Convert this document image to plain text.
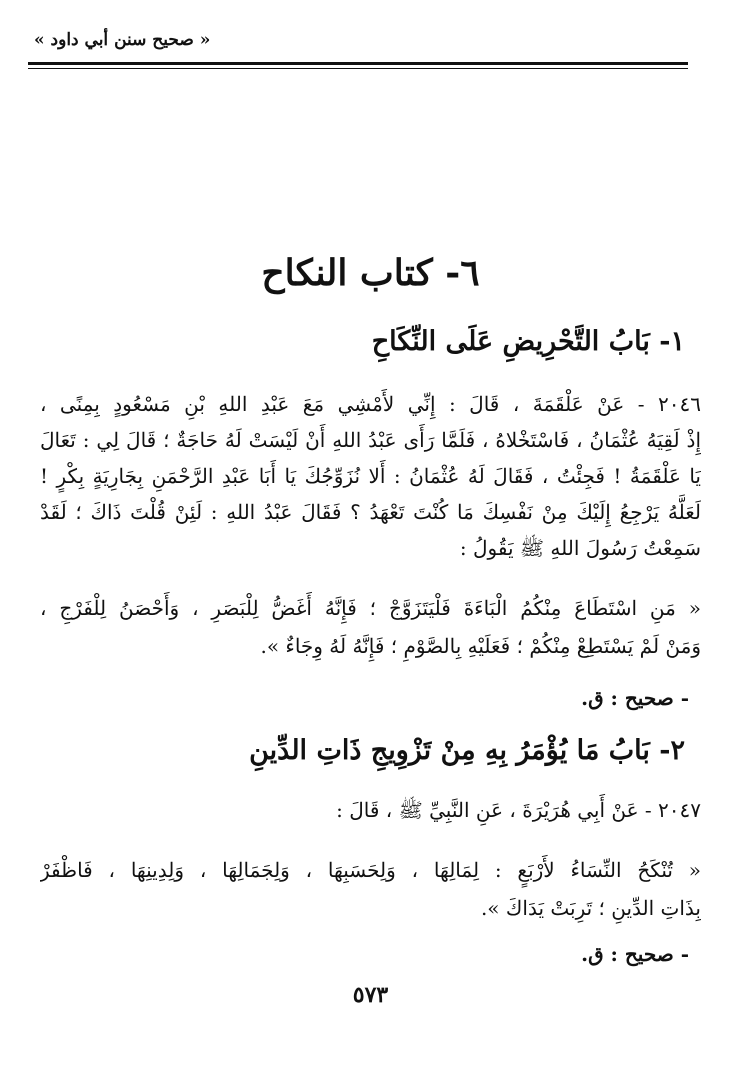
« صحيح سنن أبي داود »
٦- كتاب النكاح
١- بَابُ التَّحْرِيضِ عَلَى النِّكَاحِ
٢٠٤٦ - عَنْ عَلْقَمَةَ ، قَالَ : إِنِّي لأَمْشِي مَعَ عَبْدِ اللهِ بْنِ مَسْعُودٍ بِمِنًى ،
إِذْ لَقِيَهُ عُثْمَانُ ، فَاسْتَخْلاهُ ، فَلَمَّا رَأَى عَبْدُ اللهِ أَنْ لَيْسَتْ لَهُ حَاجَةٌ ؛ قَالَ لِي : تَعَالَ
يَا عَلْقَمَةُ ! فَجِئْتُ ، فَقَالَ لَهُ عُثْمَانُ : أَلا نُزَوِّجُكَ يَا أَبَا عَبْدِ الرَّحْمَنِ بِجَارِيَةٍ بِكْرٍ !
لَعَلَّهُ يَرْجِعُ إِلَيْكَ مِنْ نَفْسِكَ مَا كُنْتَ تَعْهَدُ ؟ فَقَالَ عَبْدُ اللهِ : لَئِنْ قُلْتَ ذَاكَ ؛ لَقَدْ
سَمِعْتُ رَسُولَ اللهِ ﷺ يَقُولُ :
« مَنِ اسْتَطَاعَ مِنْكُمُ الْبَاءَةَ فَلْيَتَزَوَّجْ ؛ فَإِنَّهُ أَغَضُّ لِلْبَصَرِ ، وَأَحْصَنُ لِلْفَرْجِ ،
وَمَنْ لَمْ يَسْتَطِعْ مِنْكُمْ ؛ فَعَلَيْهِ بِالصَّوْمِ ؛ فَإِنَّهُ لَهُ وِجَاءٌ ».
- صحيح : ق.
٢- بَابُ مَا يُؤْمَرُ بِهِ مِنْ تَزْوِيجِ ذَاتِ الدِّينِ
٢٠٤٧ - عَنْ أَبِي هُرَيْرَةَ ، عَنِ النَّبِيِّ ﷺ ، قَالَ :
« تُنْكَحُ النِّسَاءُ لأَرْبَعٍ : لِمَالِهَا ، وَلِحَسَبِهَا ، وَلِجَمَالِهَا ، وَلِدِينِهَا ، فَاظْفَرْ
بِذَاتِ الدِّينِ ؛ تَرِبَتْ يَدَاكَ ».
- صحيح : ق.
٥٧٣
